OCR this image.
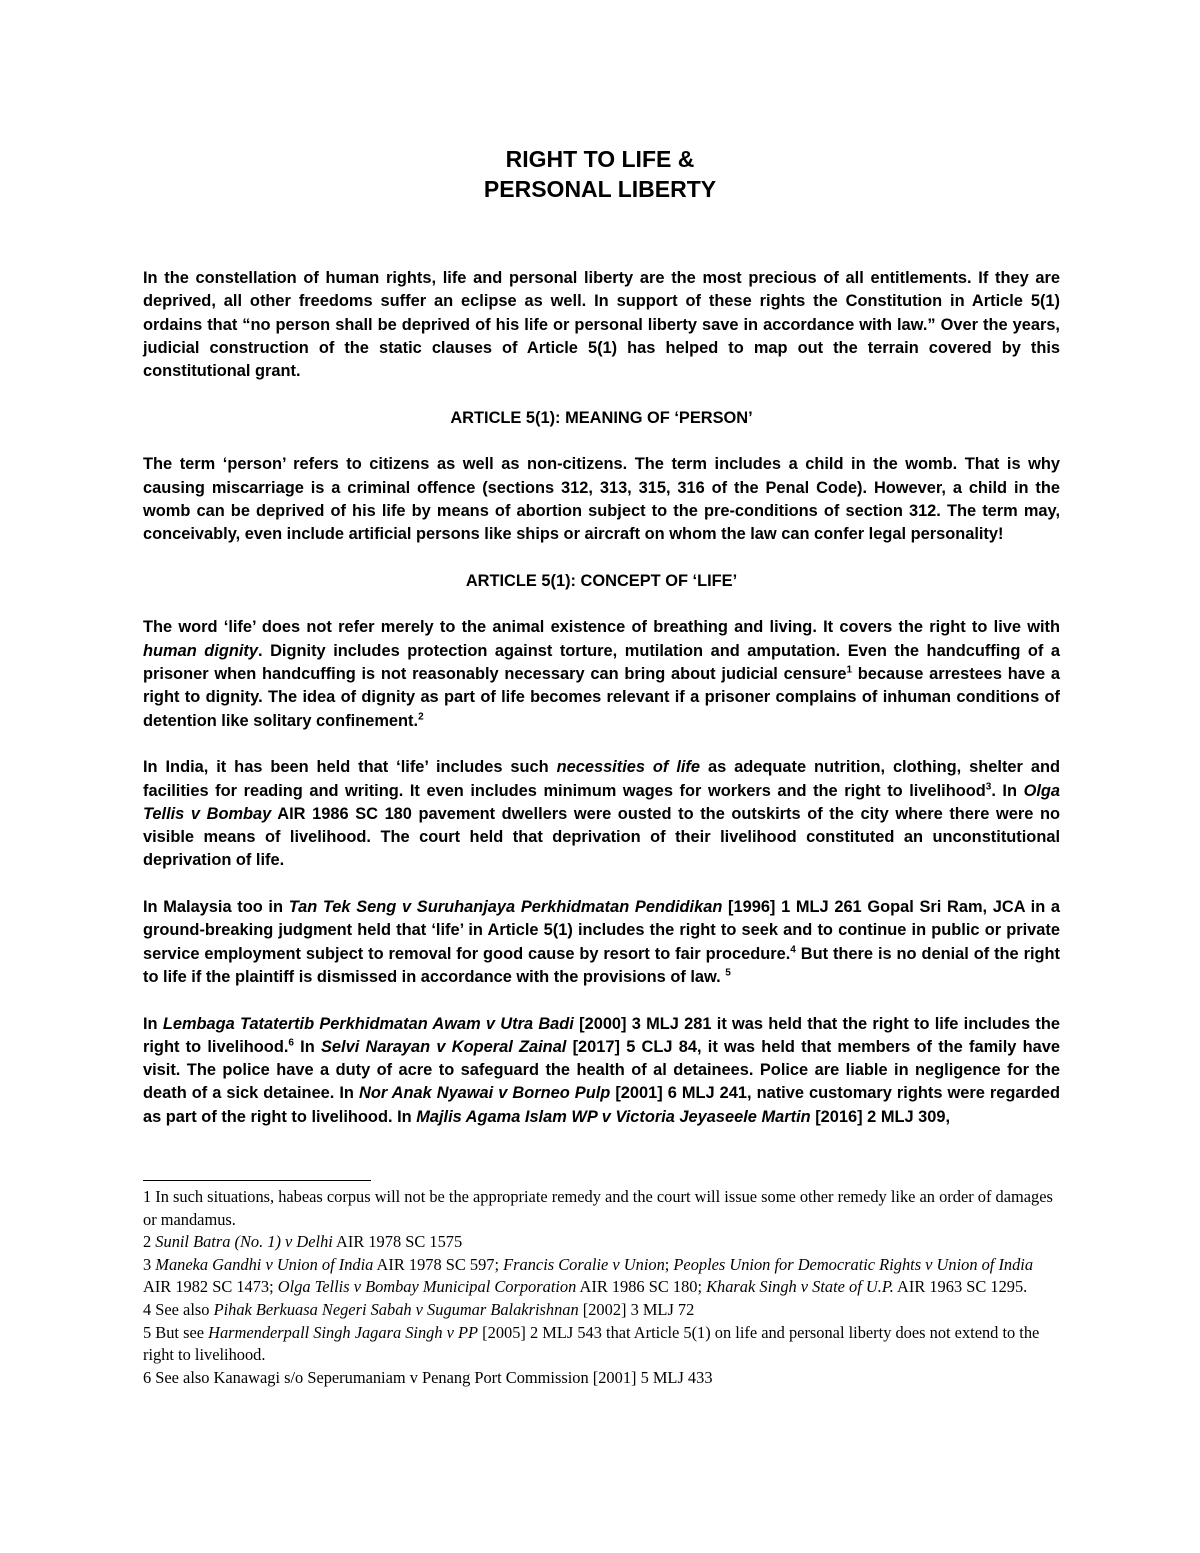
RIGHT TO LIFE &
PERSONAL LIBERTY

In the constellation of human rights, life and personal liberty are the most precious of all entitlements. If they are deprived, all other freedoms suffer an eclipse as well. In support of these rights the Constitution in Article 5(1) ordains that “no person shall be deprived of his life or personal liberty save in accordance with law.” Over the years, judicial construction of the static clauses of Article 5(1) has helped to map out the terrain covered by this constitutional grant.

ARTICLE 5(1): MEANING OF ‘PERSON’

The term ‘person’ refers to citizens as well as non-citizens. The term includes a child in the womb. That is why causing miscarriage is a criminal offence (sections 312, 313, 315, 316 of the Penal Code). However, a child in the womb can be deprived of his life by means of abortion subject to the pre-conditions of section 312. The term may, conceivably, even include artificial persons like ships or aircraft on whom the law can confer legal personality!

ARTICLE 5(1): CONCEPT OF ‘LIFE’

The word ‘life’ does not refer merely to the animal existence of breathing and living. It covers the right to live with human dignity. Dignity includes protection against torture, mutilation and amputation. Even the handcuffing of a prisoner when handcuffing is not reasonably necessary can bring about judicial censure$^1$ because arrestees have a right to dignity. The idea of dignity as part of life becomes relevant if a prisoner complains of inhuman conditions of detention like solitary confinement.$^2$

In India, it has been held that ‘life’ includes such necessities of life as adequate nutrition, clothing, shelter and facilities for reading and writing. It even includes minimum wages for workers and the right to livelihood$^3$. In Olga Tellis v Bombay AIR 1986 SC 180 pavement dwellers were ousted to the outskirts of the city where there were no visible means of livelihood. The court held that deprivation of their livelihood constituted an unconstitutional deprivation of life.

In Malaysia too in Tan Tek Seng v Suruhanjaya Perkhidmatan Pendidikan [1996] 1 MLJ 261 Gopal Sri Ram, JCA in a ground-breaking judgment held that ‘life’ in Article 5(1) includes the right to seek and to continue in public or private service employment subject to removal for good cause by resort to fair procedure.$^4$ But there is no denial of the right to life if the plaintiff is dismissed in accordance with the provisions of law. $^5$

In Lembaga Tatatertib Perkhidmatan Awam v Utra Badi [2000] 3 MLJ 281 it was held that the right to life includes the right to livelihood.$^6$ In Selvi Narayan v Koperal Zainal [2017] 5 CLJ 84, it was held that members of the family have visit. The police have a duty of acre to safeguard the health of al detainees. Police are liable in negligence for the death of a sick detainee. In Nor Anak Nyawai v Borneo Pulp [2001] 6 MLJ 241, native customary rights were regarded as part of the right to livelihood. In Majlis Agama Islam WP v Victoria Jeyaseele Martin [2016] 2 MLJ 309,

1 In such situations, habeas corpus will not be the appropriate remedy and the court will issue some other remedy like an order of damages or mandamus.
2 Sunil Batra (No. 1) v Delhi AIR 1978 SC 1575
3 Maneka Gandhi v Union of India AIR 1978 SC 597; Francis Coralie v Union; Peoples Union for Democratic Rights v Union of India AIR 1982 SC 1473; Olga Tellis v Bombay Municipal Corporation AIR 1986 SC 180; Kharak Singh v State of U.P. AIR 1963 SC 1295.
4 See also Pihak Berkuasa Negeri Sabah v Sugumar Balakrishnan [2002] 3 MLJ 72
5 But see Harmenderpall Singh Jagara Singh v PP [2005] 2 MLJ 543 that Article 5(1) on life and personal liberty does not extend to the right to livelihood.
6 See also Kanawagi s/o Seperumaniam v Penang Port Commission [2001] 5 MLJ 433
